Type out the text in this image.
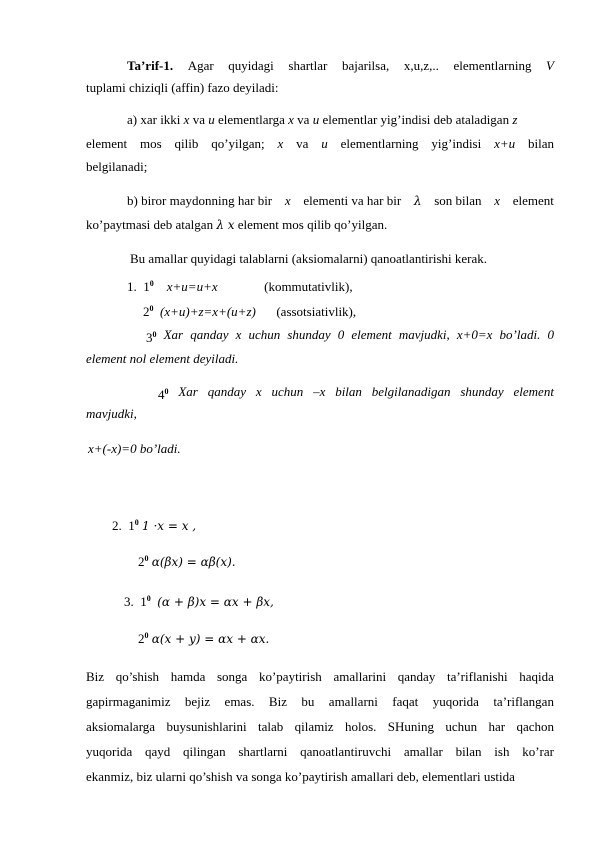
Ta’rif-1. Agar quyidagi shartlar bajarilsa, x,u,z,.. elementlarning V
tuplami chiziqli (affin) fazo deyiladi:
a) xar ikki x va u elementlarga x va u elementlar yig’indisi deb ataladigan z
element mos qilib qo’yilgan; x va u elementlarning yig’indisi x+u bilan
belgilanadi;
b) biror maydonning har bir x elementi va har bir λ son bilan x element
ko’paytmasi deb atalgan λ x element mos qilib qo’yilgan.
Bu amallar quyidagi talablarni (aksiomalarni) qanoatlantirishi kerak.
1. $1^0$ x+u=u+x	(kommutativlik),
$2^0$ (x+u)+z=x+(u+z) (assotsiativlik),
$3^0$ Xar qanday x uchun shunday 0 element mavjudki, x+0=x bo’ladi. 0
element nol element deyiladi.
$4^0$ Xar qanday x uchun –x bilan belgilanadigan shunday element
mavjudki,
x+(-x)=0 bo’ladi.
2. $1^0$ 1 ·x = x ,
$2^0$ α(βx) = αβ(x).
3. $1^0$ (α + β)x = αx + βx,
$2^0$ α(x + y) = αx + αx.
Biz qo’shish hamda songa ko’paytirish amallarini qanday ta’riflanishi haqida
gapirmaganimiz bejiz emas. Biz bu amallarni faqat yuqorida ta’riflangan
aksiomalarga buysunishlarini talab qilamiz holos. SHuning uchun har qachon
yuqorida qayd qilingan shartlarni qanoatlantiruvchi amallar bilan ish ko’rar
ekanmiz, biz ularni qo’shish va songa ko’paytirish amallari deb, elementlari ustida
